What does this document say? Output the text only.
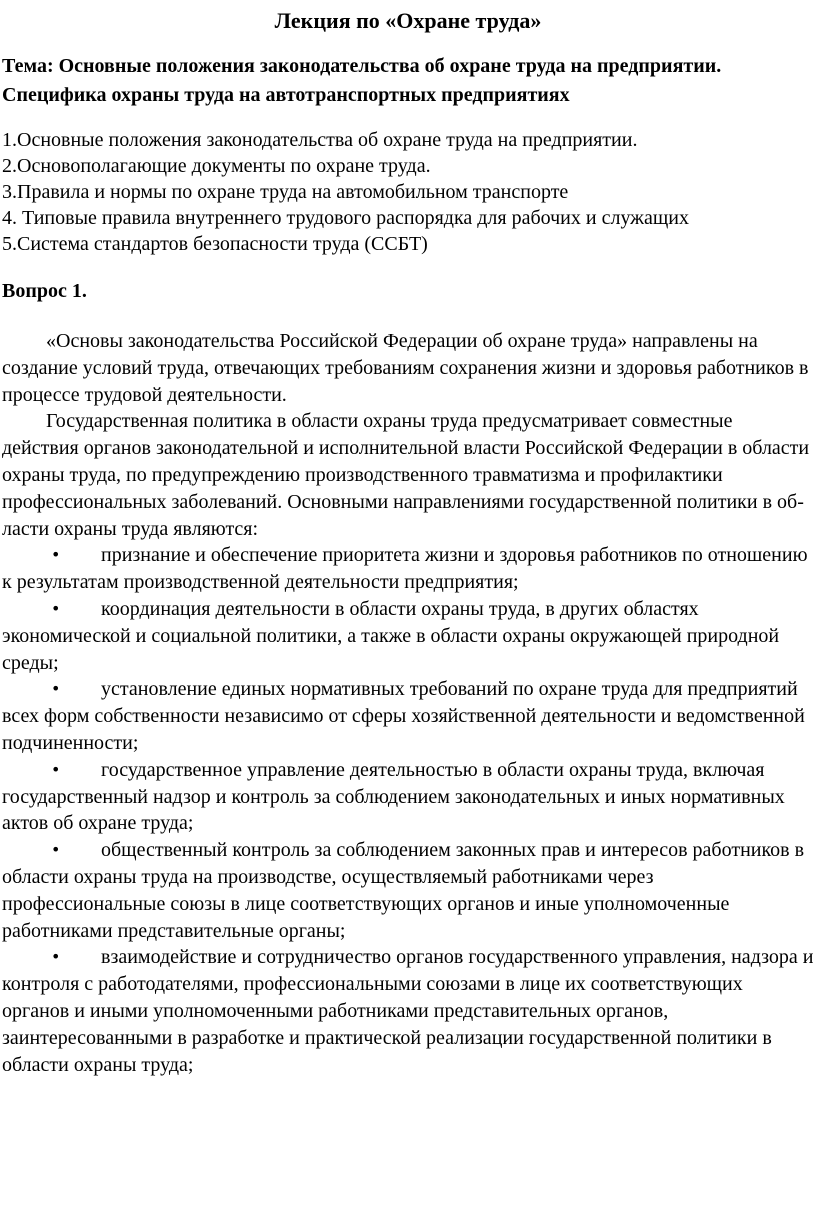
Лекция по «Охране труда»

Тема: Основные положения законодательства об охране труда на предприятии. Специфика охраны труда на автотранспортных предприятиях

1.Основные положения законодательства об охране труда на предприятии.
2.Основополагающие документы по охране труда.
3.Правила и нормы по охране труда на автомобильном транспорте
4. Типовые правила внутреннего трудового распорядка для рабочих и служащих
5.Система стандартов безопасности труда (ССБТ)
Вопрос 1.

«Основы законодательства Российской Федерации об охране труда» направлены на создание условий труда, отвечающих требованиям сохранения жизни и здоровья работников в процессе трудовой деятельности.

Государственная политика в области охраны труда предусматривает совместные действия органов законодательной и исполнительной власти Российской Федерации в области охраны труда, по предупреждению производственного травматизма и профилактики профессиональных заболеваний. Основными направлениями государственной политики в об-ласти охраны труда являются:

• признание и обеспечение приоритета жизни и здоровья работников по отношению к результатам производственной деятельности предприятия;
• координация деятельности в области охраны труда, в других областях экономической и социальной политики, а также в области охраны окружающей природной среды;
• установление единых нормативных требований по охране труда для предприятий всех форм собственности независимо от сферы хозяйственной деятельности и ведомственной подчиненности;
• государственное управление деятельностью в области охраны труда, включая государственный надзор и контроль за соблюдением законодательных и иных нормативных актов об охране труда;
• общественный контроль за соблюдением законных прав и интересов работников в области охраны труда на производстве, осуществляемый работниками через профессиональные союзы в лице соответствующих органов и иные уполномоченные работниками представительные органы;
• взаимодействие и сотрудничество органов государственного управления, надзора и контроля с работодателями, профессиональными союзами в лице их соответствующих органов и иными уполномоченными работниками представительных органов, заинтересованными в разработке и практической реализации государственной политики в области охраны труда;
